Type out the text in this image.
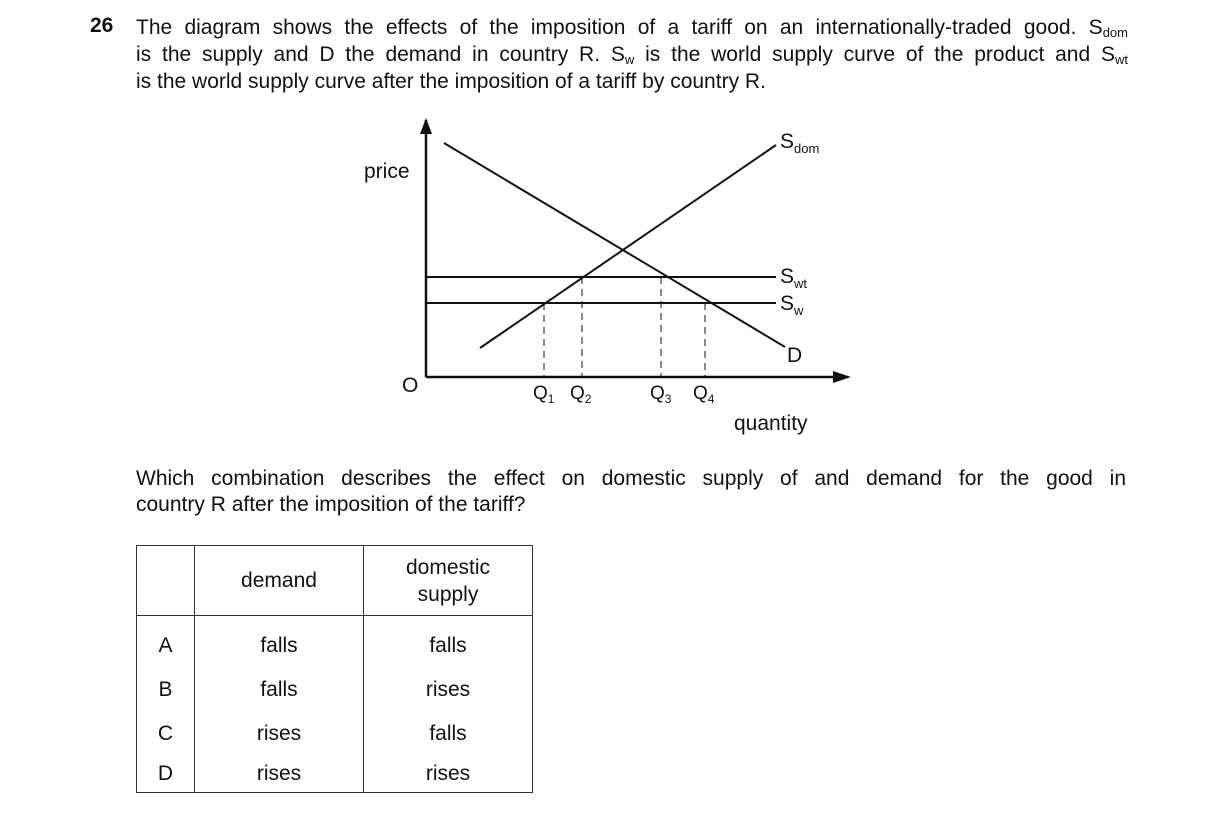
26 The diagram shows the effects of the imposition of a tariff on an internationally-traded good. $S_{dom}$
is the supply and D the demand in country R. $S_w$ is the world supply curve of the product and $S_{wt}$
is the world supply curve after the imposition of a tariff by country R.
price
O
quantity
$S_{dom}$
$S_{wt}$
$S_w$
D
$Q_1$ $Q_2$	$Q_3$ $Q_4$
Which combination describes the effect on domestic supply of and demand for the good in
country R after the imposition of the tariff?
	demand	domestic
supply
A	falls	falls
B	falls	rises
C	rises	falls
D	rises	rises
